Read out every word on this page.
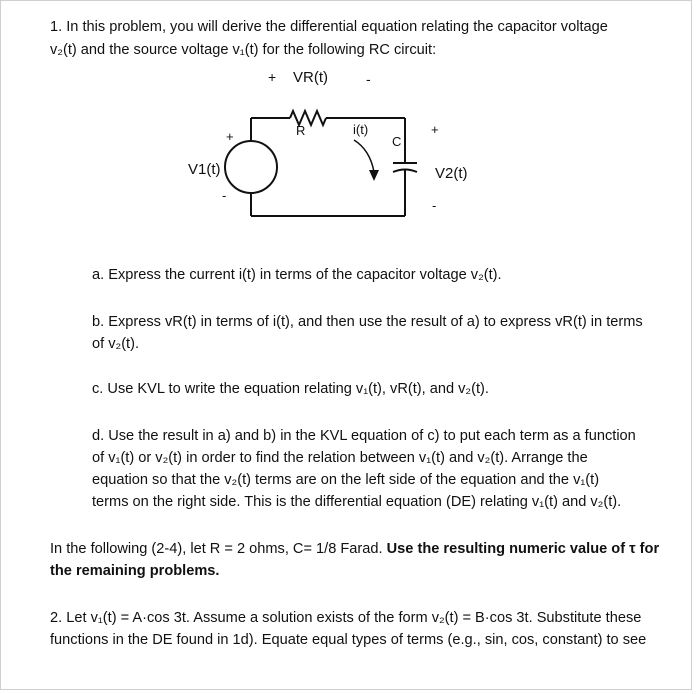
1. In this problem, you will derive the differential equation relating the capacitor voltage

v₂(t) and the source voltage v₁(t) for the following RC circuit:

+ VR(t)	-
R	i(t)
C
+
V1(t)
-
+
V2(t)
-

a. Express the current i(t) in terms of the capacitor voltage v₂(t).

b. Express vR(t) in terms of i(t), and then use the result of a) to express vR(t) in terms

of v₂(t).

c. Use KVL to write the equation relating v₁(t), vR(t), and v₂(t).

d. Use the result in a) and b) in the KVL equation of c) to put each term as a function

of v₁(t) or v₂(t) in order to find the relation between v₁(t) and v₂(t). Arrange the

equation so that the v₂(t) terms are on the left side of the equation and the v₁(t)

terms on the right side. This is the differential equation (DE) relating v₁(t) and v₂(t).

In the following (2-4), let R = 2 ohms, C= 1/8 Farad. Use the resulting numeric value of τ for

the remaining problems.

2. Let v₁(t) = A·cos 3t. Assume a solution exists of the form v₂(t) = B·cos 3t. Substitute these

functions in the DE found in 1d). Equate equal types of terms (e.g., sin, cos, constant) to see
